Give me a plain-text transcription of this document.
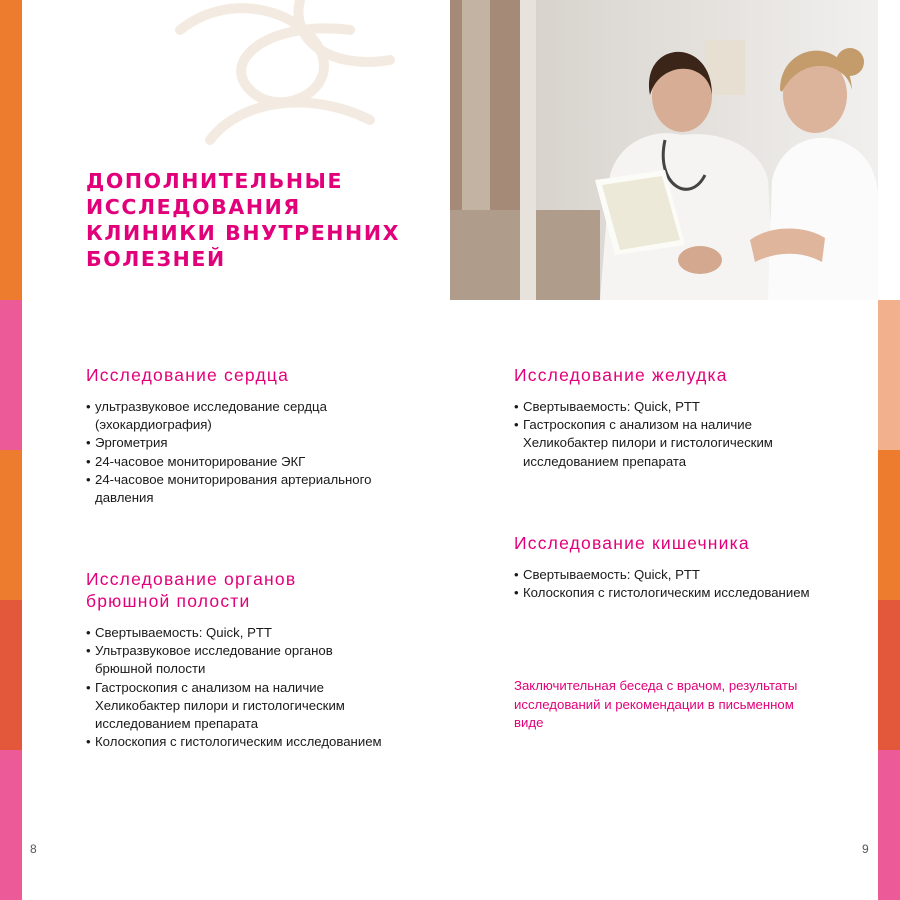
ДОПОЛНИТЕЛЬНЫЕ
ИССЛЕДОВАНИЯ
КЛИНИКИ ВНУТРЕННИХ
БОЛЕЗНЕЙ
Исследование сердца
• ультразвуковое исследование сердца (эхокардиография)
• Эргометрия
• 24-часовое мониторирование ЭКГ
• 24-часовое мониторирования артериального давления
Исследование органов
брюшной полости
• Свертываемость: Quick, PTT
• Ультразвуковое исследование органов брюшной полости
• Гастроскопия с анализом на наличие Хеликобактер пилори и гистологическим исследованием препарата
• Колоскопия с гистологическим исследованием
Исследование желудка
• Свертываемость: Quick, PTT
• Гастроскопия с анализом на наличие Хеликобактер пилори и гистологическим исследованием препарата
Исследование кишечника
• Свертываемость: Quick, PTT
• Колоскопия с гистологическим исследованием

Заключительная беседа с врачом, результаты исследований и рекомендации в письменном виде

8	9
